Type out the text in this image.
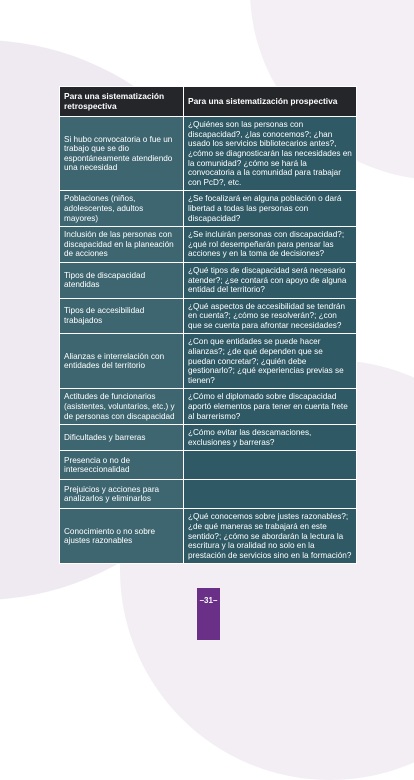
Para una sistematización retrospectiva	Para una sistematización prospectiva
Si hubo convocatoria o fue un trabajo que se dio espontáneamente atendiendo una necesidad	¿Quiénes son las personas con discapacidad?, ¿las conocemos?; ¿han usado los servicios bibliotecarios antes?, ¿cómo se diagnosticarán las necesidades en la comunidad? ¿cómo se hará la convocatoria a la comunidad para trabajar con PcD?, etc.
Poblaciones (niños, adolescentes, adultos mayores)	¿Se focalizará en alguna población o dará libertad a todas las personas con discapacidad?
Inclusión de las personas con discapacidad en la planeación de acciones	¿Se incluirán personas con discapacidad?; ¿qué rol desempeñarán para pensar las acciones y en la toma de decisiones?
Tipos de discapacidad atendidas	¿Qué tipos de discapacidad será necesario atender?; ¿se contará con apoyo de alguna entidad del territorio?
Tipos de accesibilidad trabajados	¿Qué aspectos de accesibilidad se tendrán en cuenta?; ¿cómo se resolverán?; ¿con que se cuenta para afrontar necesidades?
Alianzas e interrelación con entidades del territorio	¿Con que entidades se puede hacer alianzas?; ¿de qué dependen que se puedan concretar?; ¿quién debe gestionarlo?; ¿qué experiencias previas se tienen?
Actitudes de funcionarios (asistentes, voluntarios, etc.) y de personas con discapacidad	¿Cómo el diplomado sobre discapacidad aportó elementos para tener en cuenta frete al barrerismo?
Dificultades y barreras	¿Cómo evitar las descamaciones, exclusiones y barreras?
Presencia o no de interseccionalidad	
Prejuicios y acciones para analizarlos y eliminarlos	
Conocimiento o no sobre ajustes razonables	¿Qué conocemos sobre justes razonables?; ¿de qué maneras se trabajará en este sentido?; ¿cómo se abordarán la lectura la escritura y la oralidad no solo en la prestación de servicios sino en la formación?
–31–
